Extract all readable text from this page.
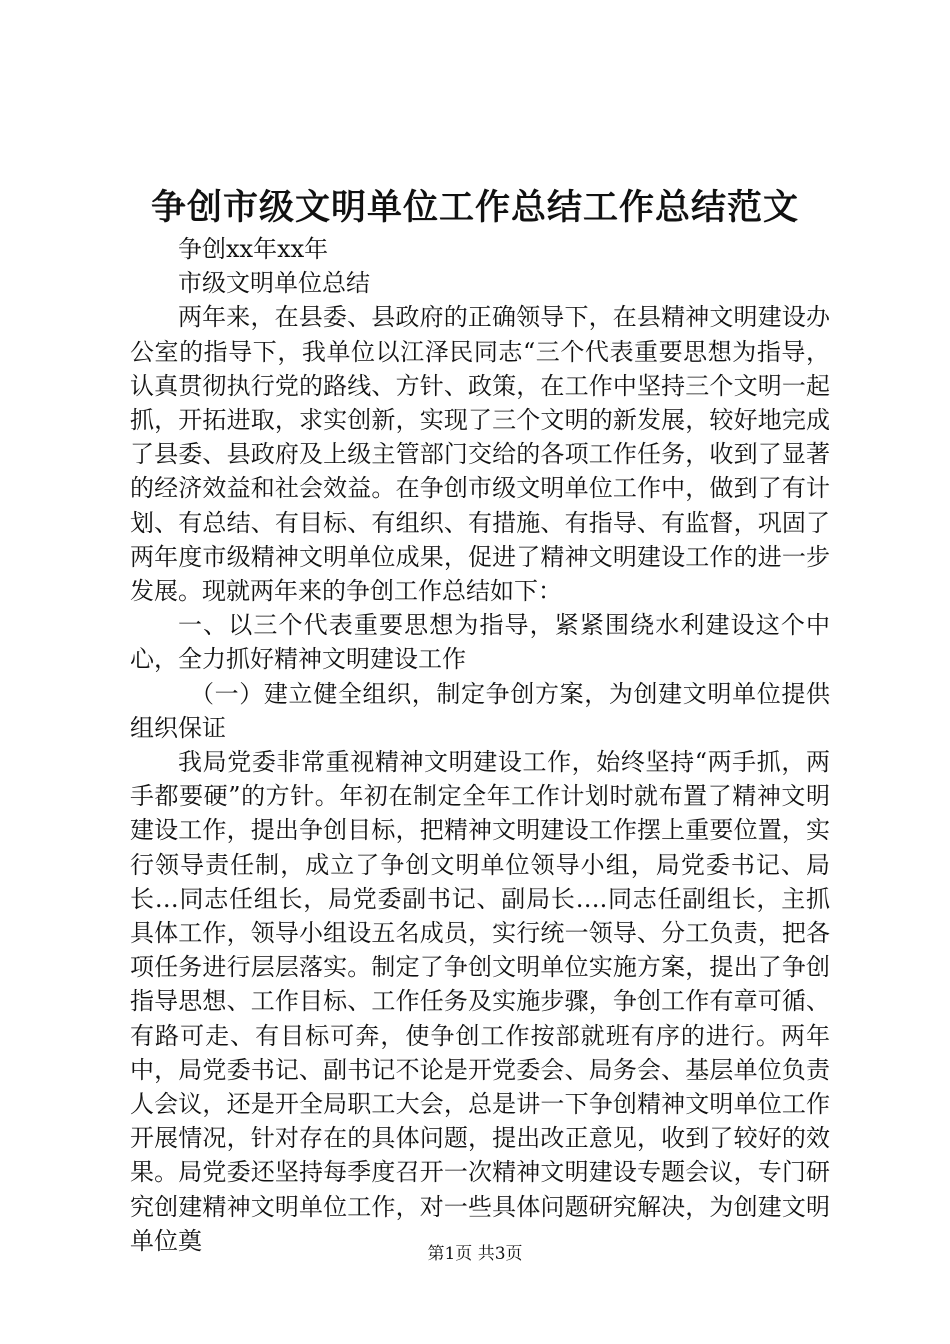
争创市级文明单位工作总结工作总结范文

争创xx年xx年

市级文明单位总结

两年来，在县委、县政府的正确领导下，在县精神文明建设办公室的指导下，我单位以江泽民同志“三个代表重要思想为指导，认真贯彻执行党的路线、方针、政策，在工作中坚持三个文明一起抓，开拓进取，求实创新，实现了三个文明的新发展，较好地完成了县委、县政府及上级主管部门交给的各项工作任务，收到了显著的经济效益和社会效益。在争创市级文明单位工作中，做到了有计划、有总结、有目标、有组织、有措施、有指导、有监督，巩固了两年度市级精神文明单位成果，促进了精神文明建设工作的进一步发展。现就两年来的争创工作总结如下：

一、以三个代表重要思想为指导，紧紧围绕水利建设这个中心，全力抓好精神文明建设工作

（一）建立健全组织，制定争创方案，为创建文明单位提供组织保证

我局党委非常重视精神文明建设工作，始终坚持“两手抓，两手都要硬”的方针。年初在制定全年工作计划时就布置了精神文明建设工作，提出争创目标，把精神文明建设工作摆上重要位置，实行领导责任制，成立了争创文明单位领导小组，局党委书记、局长…同志任组长，局党委副书记、副局长….同志任副组长，主抓具体工作，领导小组设五名成员，实行统一领导、分工负责，把各项任务进行层层落实。制定了争创文明单位实施方案，提出了争创指导思想、工作目标、工作任务及实施步骤，争创工作有章可循、有路可走、有目标可奔，使争创工作按部就班有序的进行。两年中，局党委书记、副书记不论是开党委会、局务会、基层单位负责人会议，还是开全局职工大会，总是讲一下争创精神文明单位工作开展情况，针对存在的具体问题，提出改正意见，收到了较好的效果。局党委还坚持每季度召开一次精神文明建设专题会议，专门研究创建精神文明单位工作，对一些具体问题研究解决，为创建文明单位奠	第1页 共3页
